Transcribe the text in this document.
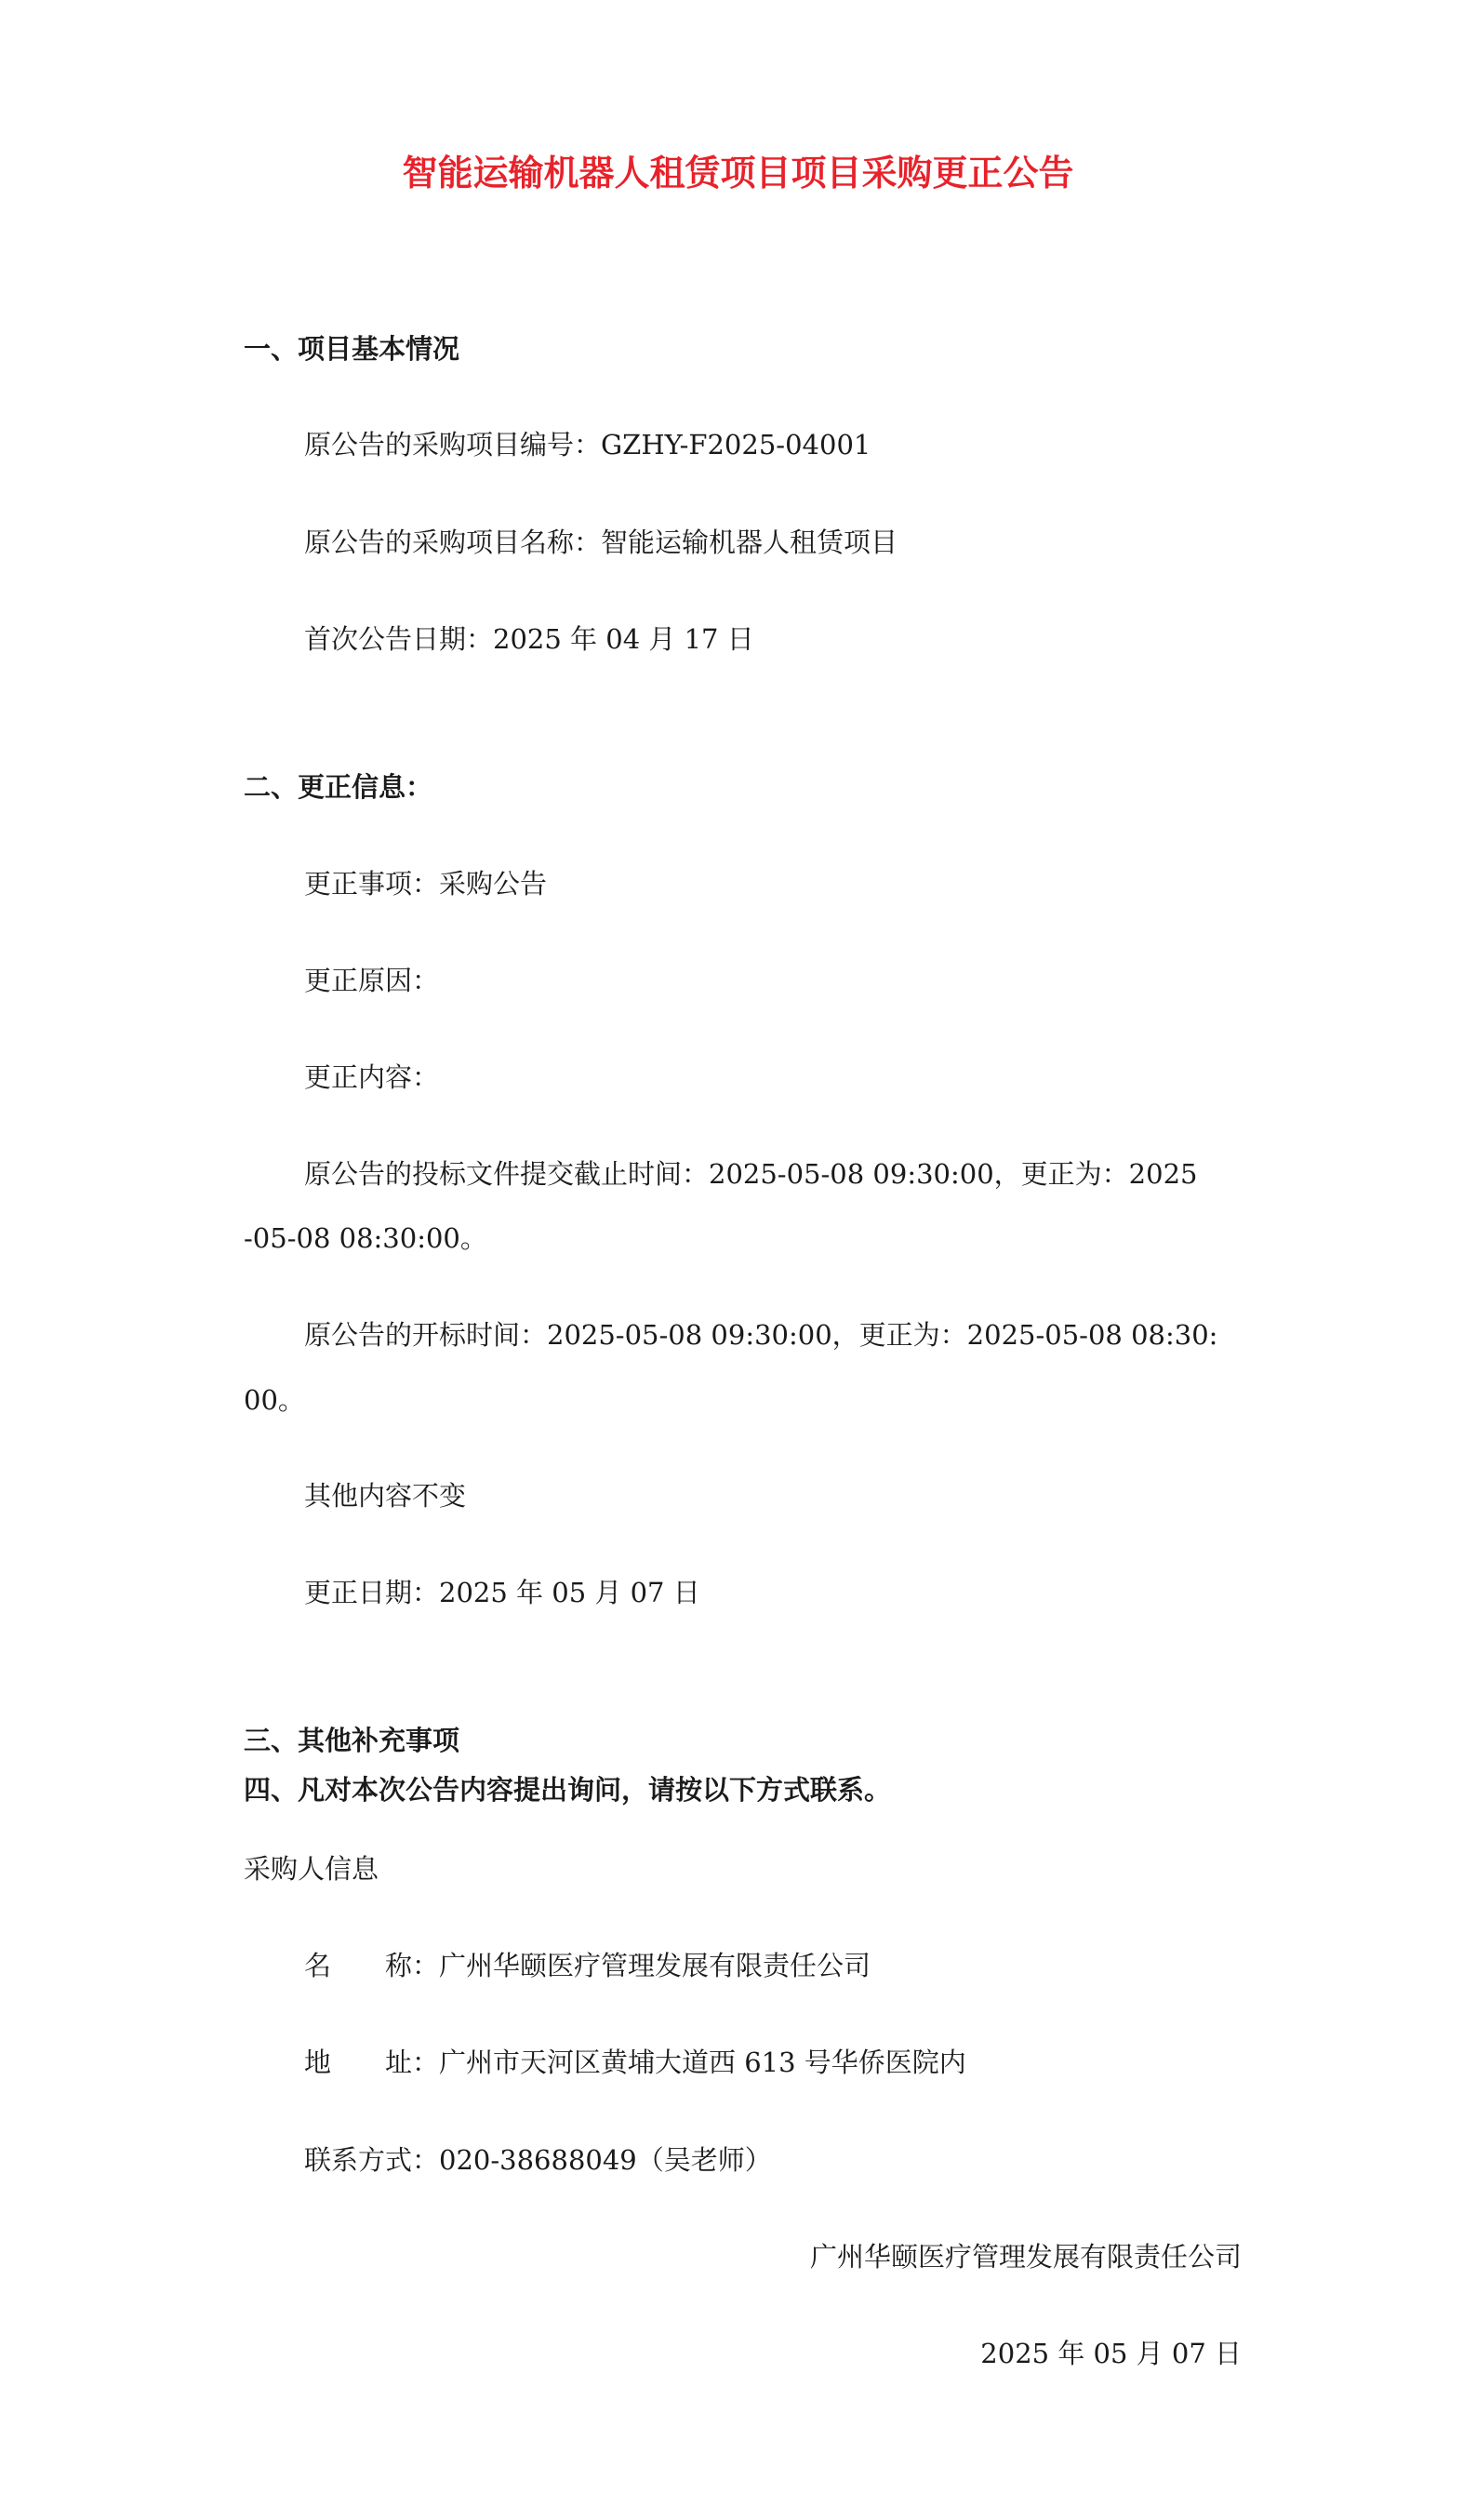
智能运输机器人租赁项目项目采购更正公告
一、项目基本情况
原公告的采购项目编号：GZHY-F2025-04001
原公告的采购项目名称：智能运输机器人租赁项目
首次公告日期：2025 年 04 月 17 日
二、更正信息：
更正事项：采购公告
更正原因：
更正内容：
原公告的投标文件提交截止时间：2025-05-08 09:30:00，更正为：2025
-05-08 08:30:00。
原公告的开标时间：2025-05-08 09:30:00，更正为：2025-05-08 08:30:
00。
其他内容不变
更正日期：2025 年 05 月 07 日
三、其他补充事项
四、凡对本次公告内容提出询问，请按以下方式联系。
采购人信息
名　　称：广州华颐医疗管理发展有限责任公司
地　　址：广州市天河区黄埔大道西 613 号华侨医院内
联系方式：020-38688049（吴老师）
广州华颐医疗管理发展有限责任公司
2025 年 05 月 07 日
